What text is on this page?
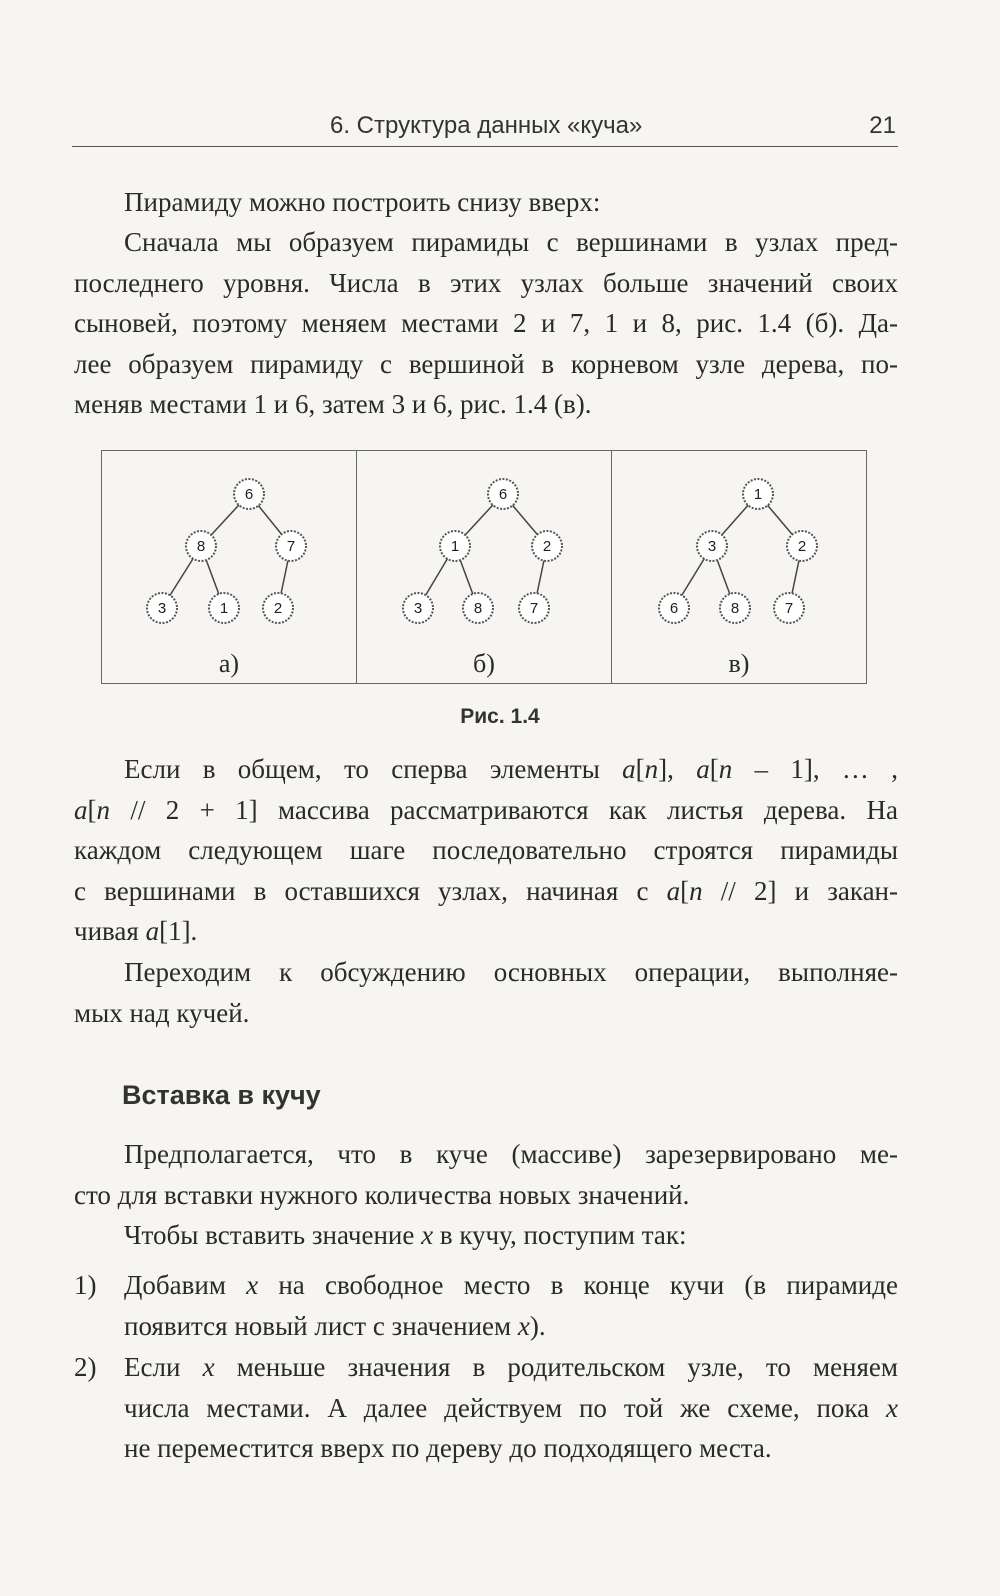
6. Структура данных «куча»	21

Пирамиду можно построить снизу вверх:

Сначала мы образуем пирамиды с вершинами в узлах пред-
последнего уровня. Числа в этих узлах больше значений своих
сыновей, поэтому меняем местами 2 и 7, 1 и 8, рис. 1.4 (б). Да-
лее образуем пирамиду с вершиной в корневом узле дерева, по-
меняв местами 1 и 6, затем 3 и 6, рис. 1.4 (в).

6
8	7
3	1	2
а)
6
1	2
3	8	7
б)
1
3	2
6	8	7
в)
Рис. 1.4

Если в общем, то сперва элементы a[n], a[n – 1], … ,
a[n // 2 + 1] массива рассматриваются как листья дерева. На
каждом следующем шаге последовательно строятся пирамиды
с вершинами в оставшихся узлах, начиная с a[n // 2] и закан-
чивая a[1].

Переходим к обсуждению основных операции, выполняе-
мых над кучей.

Вставка в кучу

Предполагается, что в куче (массиве) зарезервировано ме-
сто для вставки нужного количества новых значений.

Чтобы вставить значение x в кучу, поступим так:

1) Добавим x на свободное место в конце кучи (в пирамиде
появится новый лист с значением x).
2) Если x меньше значения в родительском узле, то меняем
числа местами. А далее действуем по той же схеме, пока x
не переместится вверх по дереву до подходящего места.
